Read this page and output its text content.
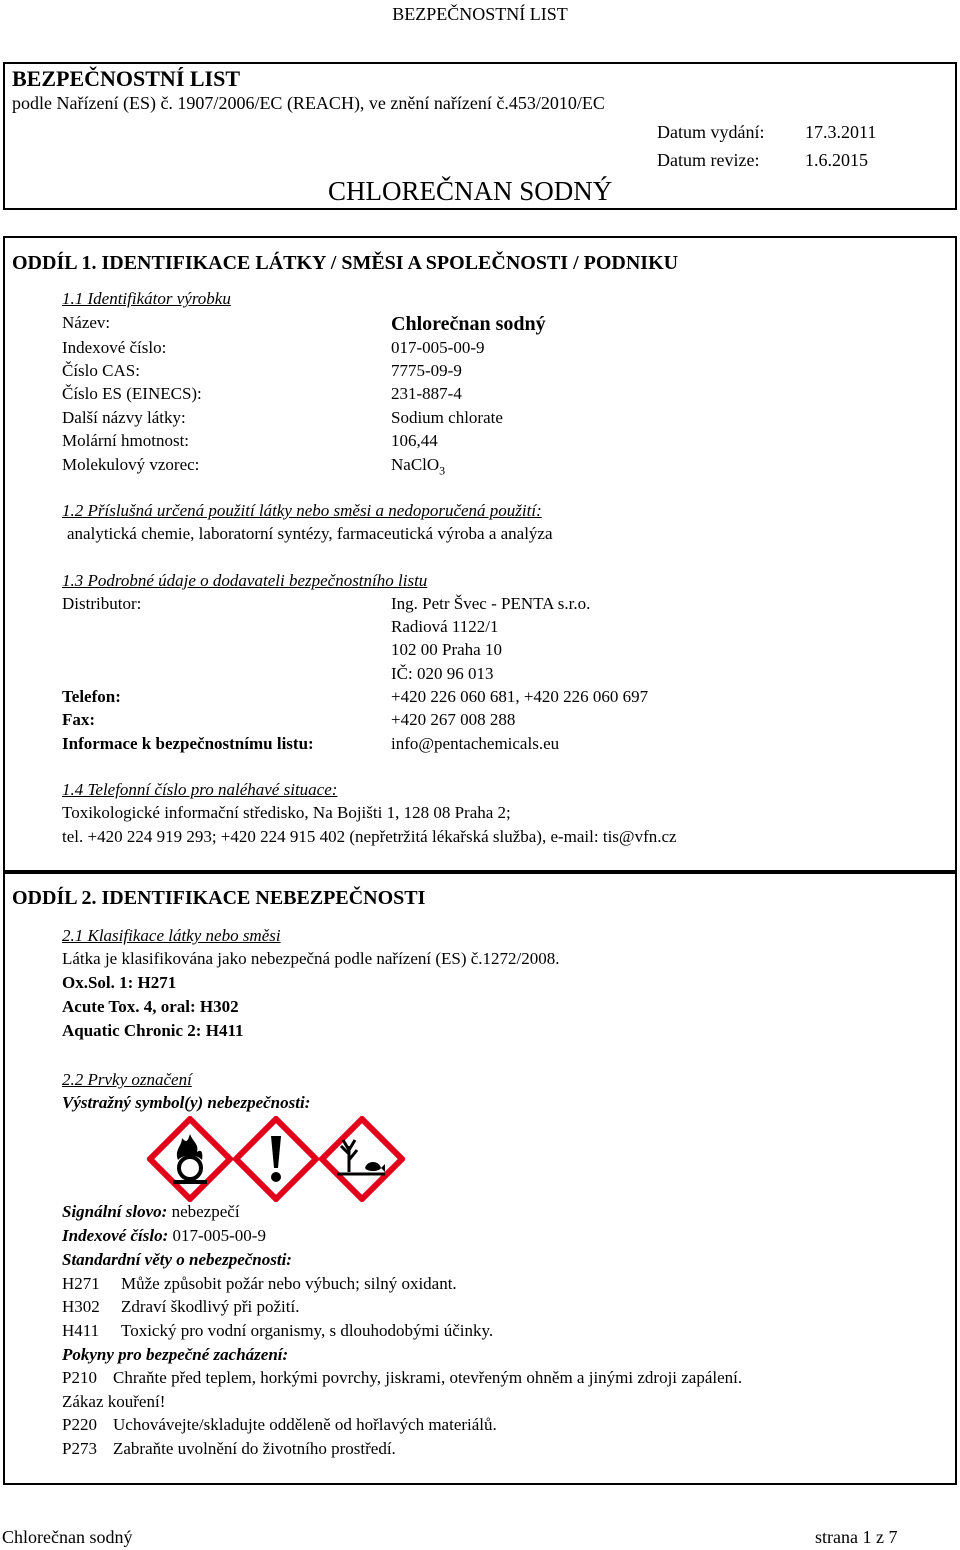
BEZPEČNOSTNÍ LIST
BEZPEČNOSTNÍ LIST
podle Nařízení (ES) č. 1907/2006/EC (REACH), ve znění nařízení č.453/2010/EC
Datum vydání: 17.3.2011
Datum revize:	1.6.2015
CHLOREČNAN SODNÝ
ODDÍL 1. IDENTIFIKACE LÁTKY / SMĚSI A SPOLEČNOSTI / PODNIKU
1.1 Identifikátor výrobku
Název:	Chlorečnan sodný
Indexové číslo:	017-005-00-9
Číslo CAS:	7775-09-9
Číslo ES (EINECS):	231-887-4
Další názvy látky:	Sodium chlorate
Molární hmotnost:	106,44
Molekulový vzorec:	NaClO$_3$
1.2 Příslušná určená použití látky nebo směsi a nedoporučená použití:
analytická chemie, laboratorní syntézy, farmaceutická výroba a analýza
1.3 Podrobné údaje o dodavateli bezpečnostního listu
Distributor:	Ing. Petr Švec - PENTA s.r.o.
Radiová 1122/1
102 00 Praha 10
IČ: 020 96 013
Telefon:	+420 226 060 681, +420 226 060 697
Fax:	+420 267 008 288
Informace k bezpečnostnímu listu:	info@pentachemicals.eu
1.4 Telefonní číslo pro naléhavé situace:
Toxikologické informační středisko, Na Bojišti 1, 128 08 Praha 2;
tel. +420 224 919 293; +420 224 915 402 (nepřetržitá lékařská služba), e-mail: tis@vfn.cz
ODDÍL 2. IDENTIFIKACE NEBEZPEČNOSTI
2.1 Klasifikace látky nebo směsi
Látka je klasifikována jako nebezpečná podle nařízení (ES) č.1272/2008.
Ox.Sol. 1: H271
Acute Tox. 4, oral: H302
Aquatic Chronic 2: H411
2.2 Prvky označení
Výstražný symbol(y) nebezpečnosti:
Signální slovo: nebezpečí
Indexové číslo: 017-005-00-9
Standardní věty o nebezpečnosti:
H271 Může způsobit požár nebo výbuch; silný oxidant.
H302 Zdraví škodlivý při požití.
H411 Toxický pro vodní organismy, s dlouhodobými účinky.
Pokyny pro bezpečné zacházení:
P210 Chraňte před teplem, horkými povrchy, jiskrami, otevřeným ohněm a jinými zdroji zapálení.
Zákaz kouření!
P220 Uchovávejte/skladujte odděleně od hořlavých materiálů.
P273 Zabraňte uvolnění do životního prostředí.
Chlorečnan sodný	strana 1 z 7
